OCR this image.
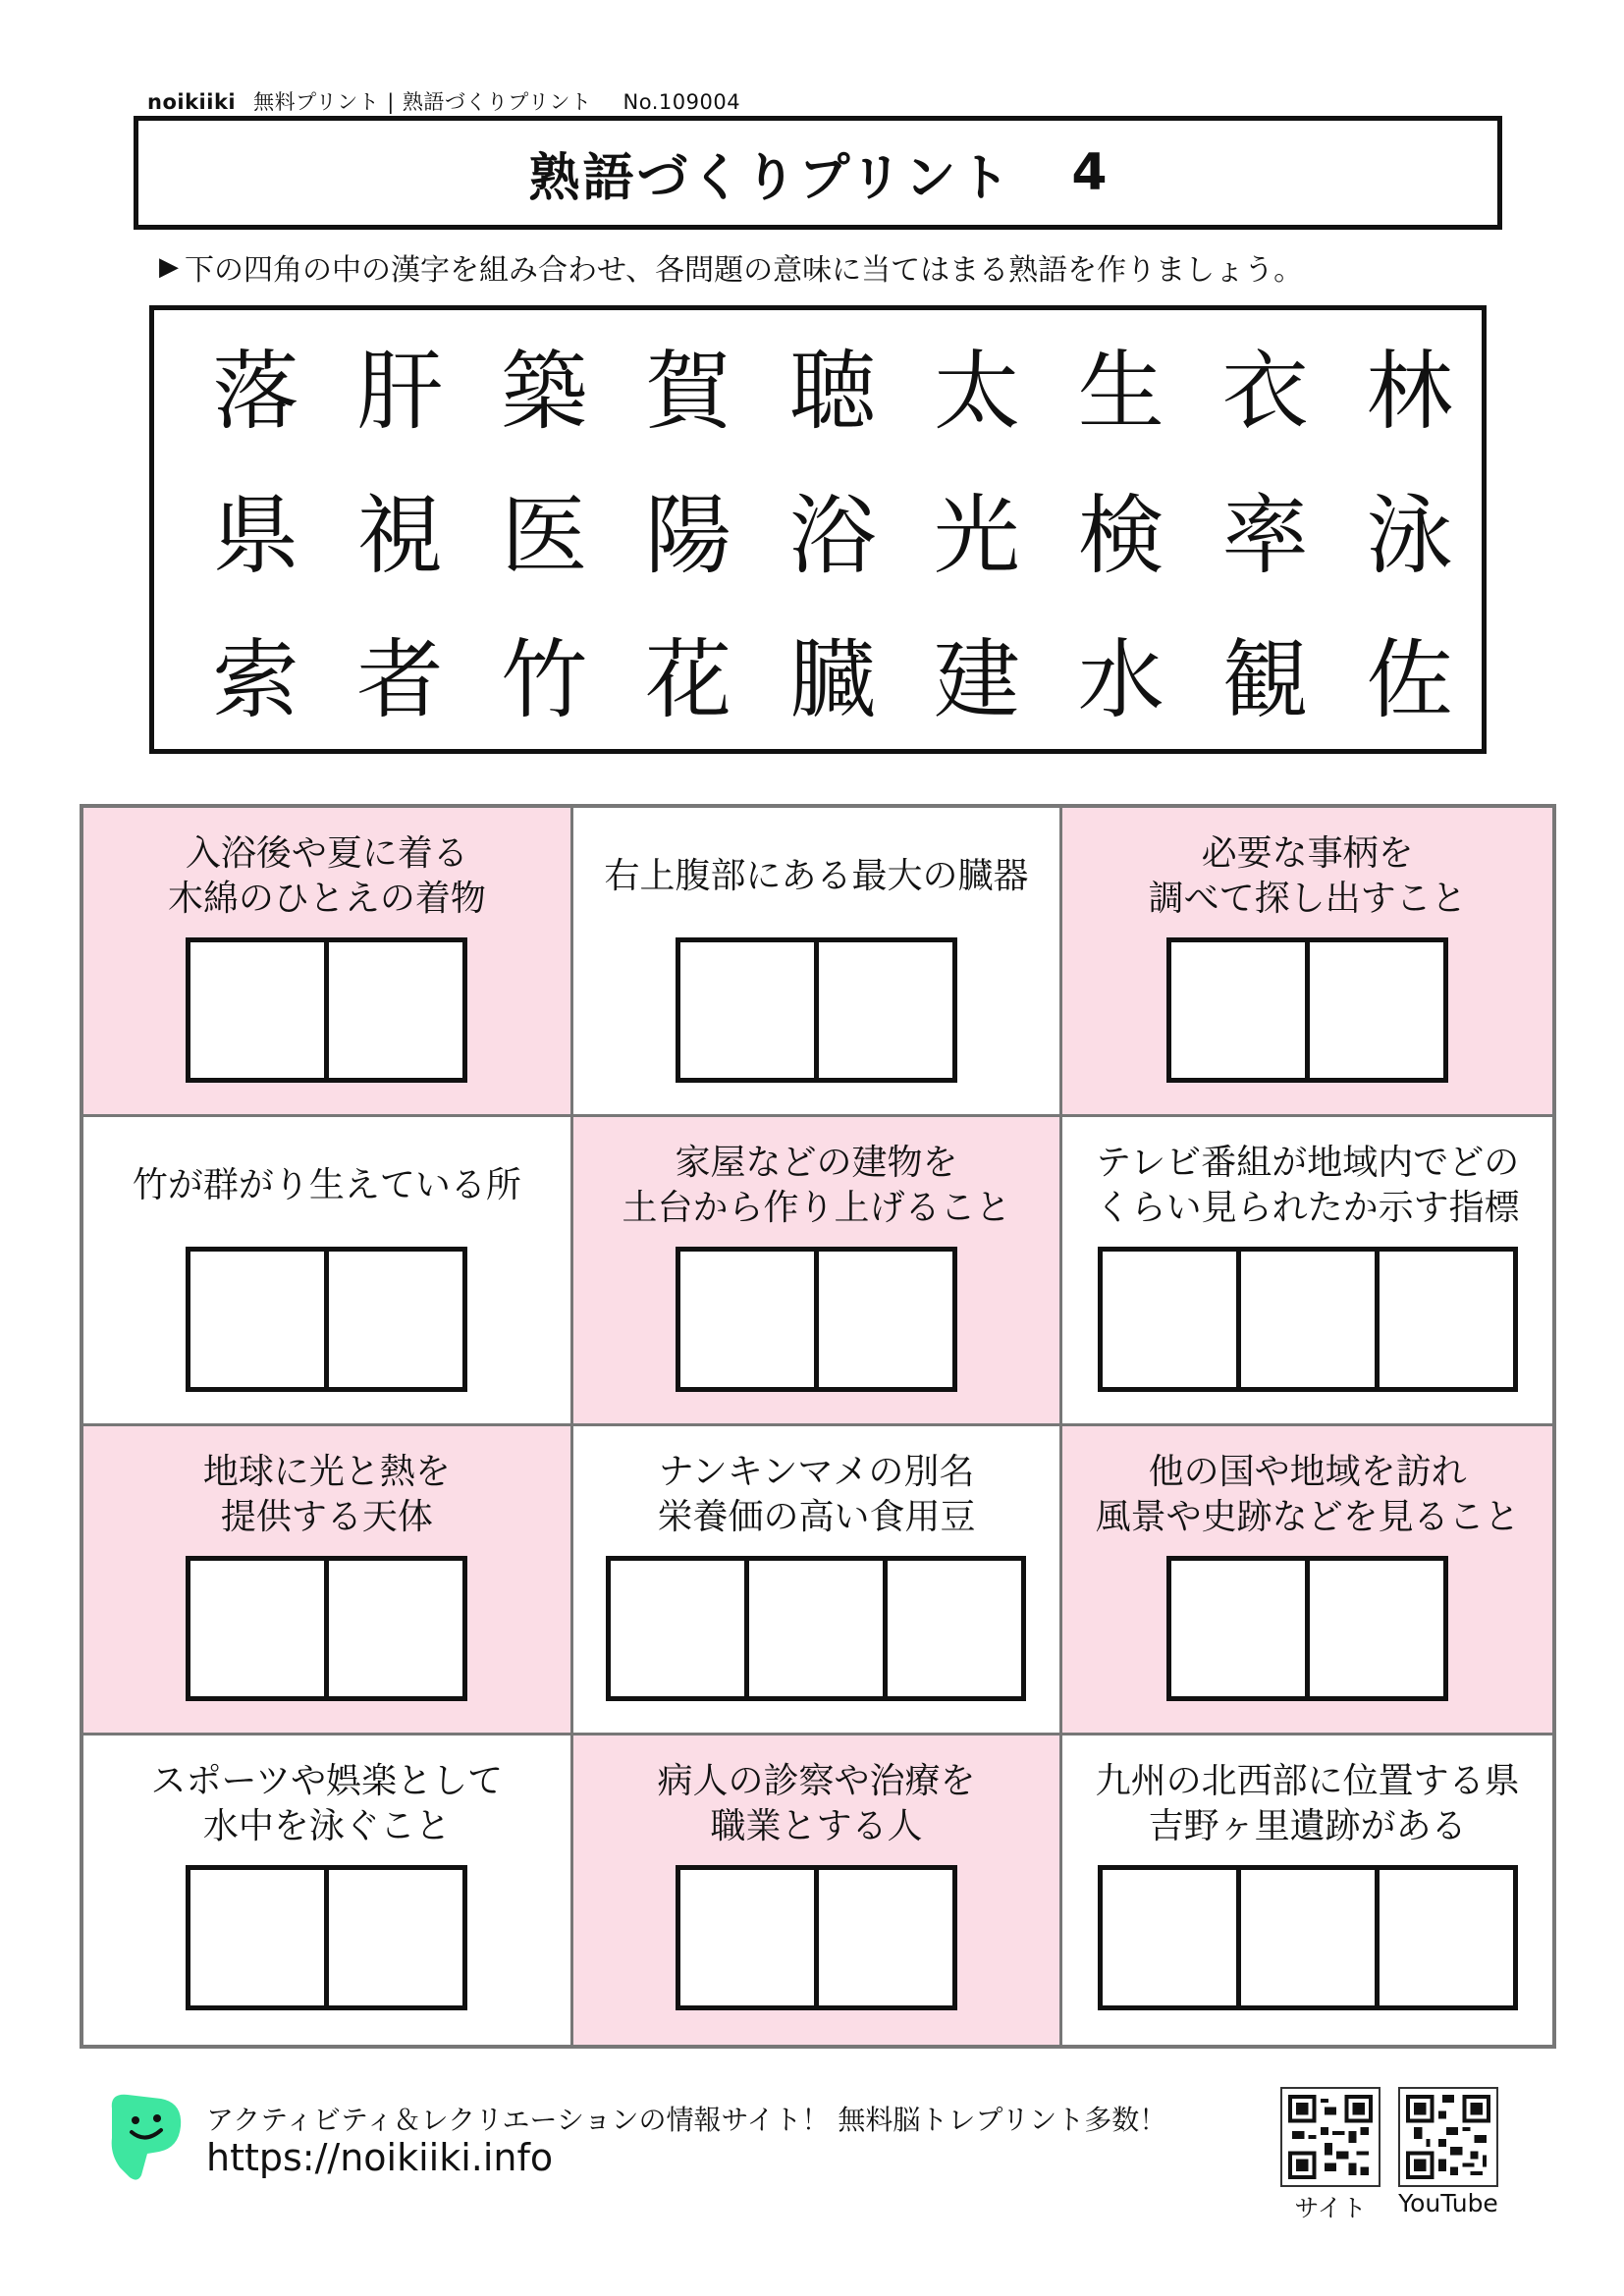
noikiiki 無料プリント | 熟語づくりプリント No.109004
熟語づくりプリント 4
▶ 下の四角の中の漢字を組み合わせ、各問題の意味に当てはまる熟語を作りましょう。
落 肝 築 賀 聴 太 生 衣 林
県 視 医 陽 浴 光 検 率 泳
索 者 竹 花 臓 建 水 観 佐
入浴後や夏に着る
木綿のひとえの着物
右上腹部にある最大の臓器
必要な事柄を
調べて探し出すこと
竹が群がり生えている所
家屋などの建物を
土台から作り上げること
テレビ番組が地域内でどの
くらい見られたか示す指標
地球に光と熱を
提供する天体
ナンキンマメの別名
栄養価の高い食用豆
他の国や地域を訪れ
風景や史跡などを見ること
スポーツや娯楽として
水中を泳ぐこと
病人の診察や治療を
職業とする人
九州の北西部に位置する県
吉野ヶ里遺跡がある
アクティビティ＆レクリエーションの情報サイト！ 無料脳トレプリント多数！
https://noikiiki.info
サイト YouTube
